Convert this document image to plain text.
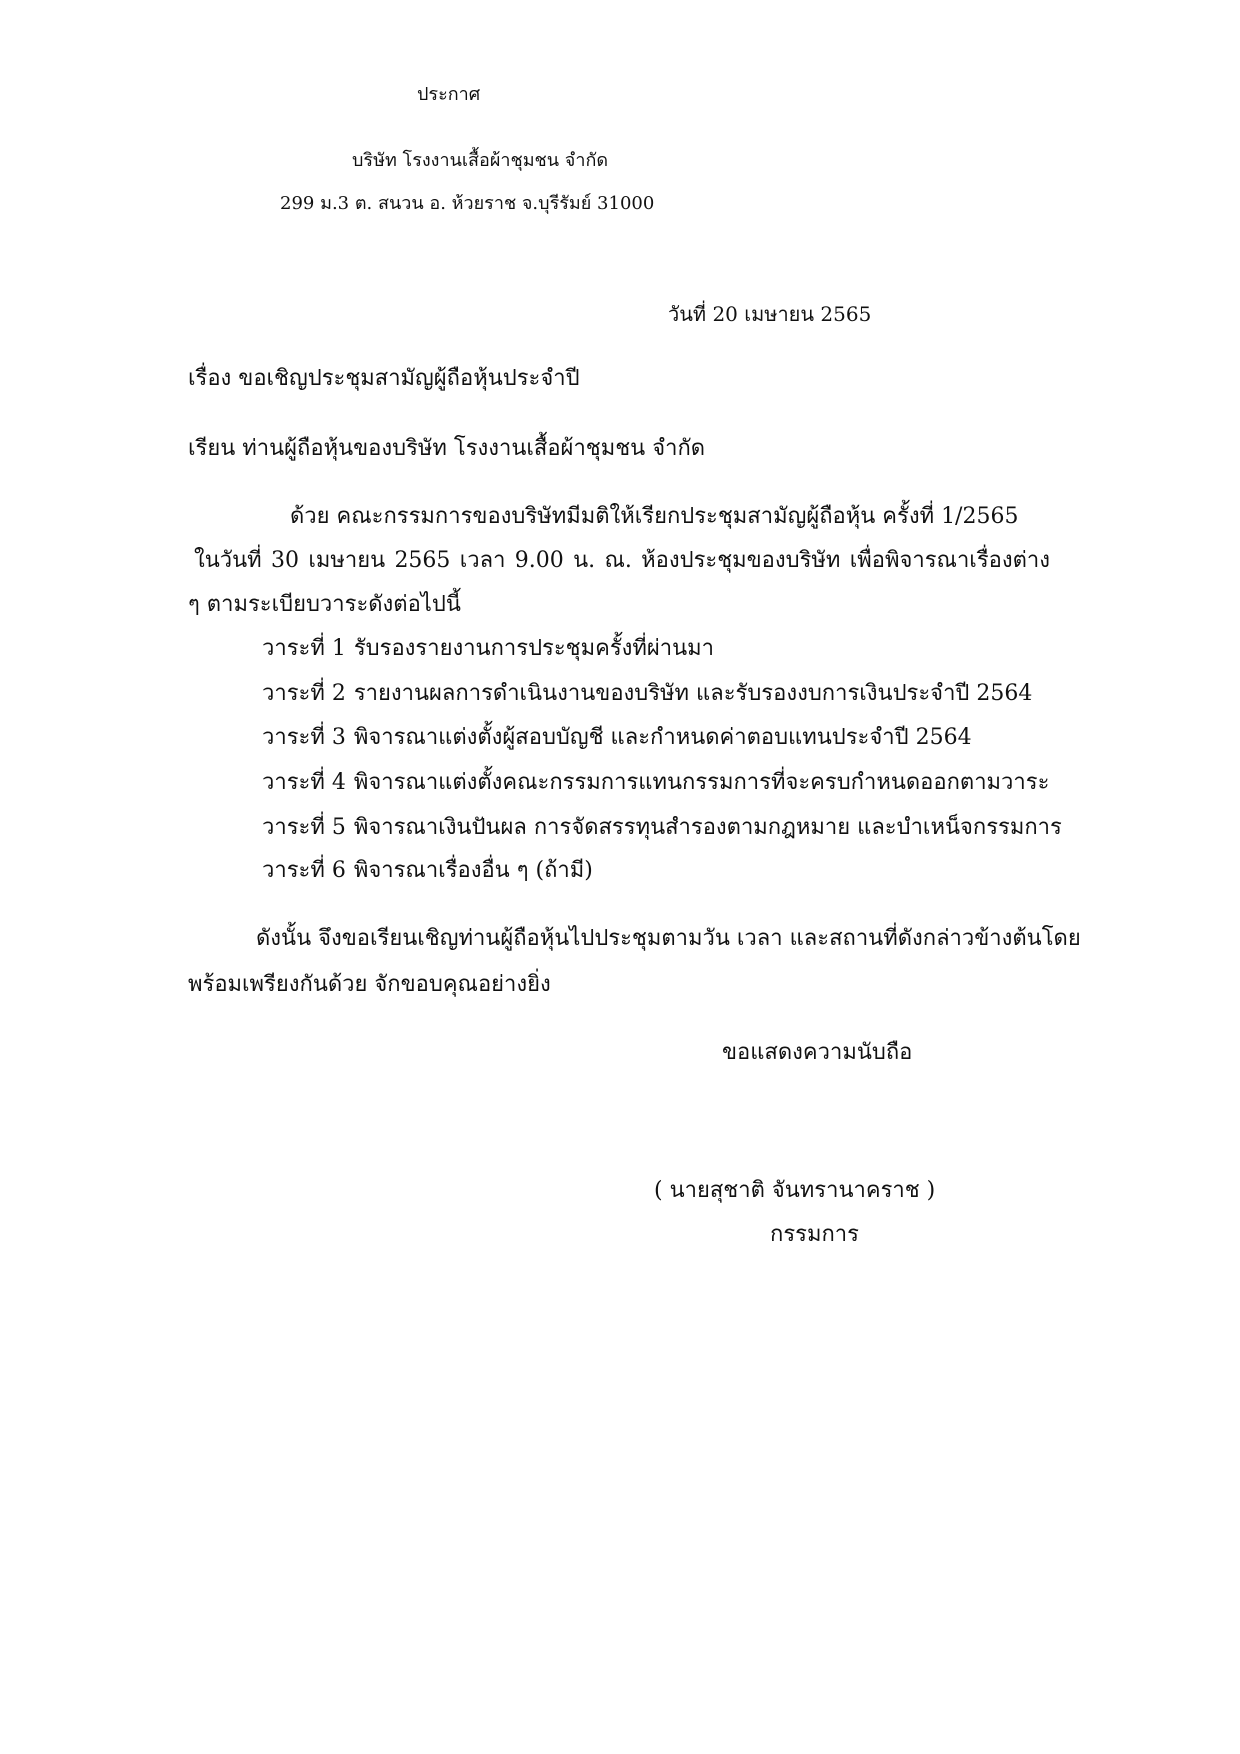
ประกาศ
บริษัท โรงงานเสื้อผ้าชุมชน จำกัด
299 ม.3 ต. สนวน อ. ห้วยราช จ.บุรีรัมย์ 31000
วันที่ 20 เมษายน 2565
เรื่อง ขอเชิญประชุมสามัญผู้ถือหุ้นประจำปี
เรียน ท่านผู้ถือหุ้นของบริษัท โรงงานเสื้อผ้าชุมชน จำกัด
ด้วย คณะกรรมการของบริษัทมีมติให้เรียกประชุมสามัญผู้ถือหุ้น ครั้งที่ 1/2565
ในวันที่ 30 เมษายน 2565 เวลา 9.00 น. ณ. ห้องประชุมของบริษัท เพื่อพิจารณาเรื่องต่าง
ๆ ตามระเบียบวาระดังต่อไปนี้
วาระที่ 1 รับรองรายงานการประชุมครั้งที่ผ่านมา
วาระที่ 2 รายงานผลการดำเนินงานของบริษัท และรับรองงบการเงินประจำปี 2564
วาระที่ 3 พิจารณาแต่งตั้งผู้สอบบัญชี และกำหนดค่าตอบแทนประจำปี 2564
วาระที่ 4 พิจารณาแต่งตั้งคณะกรรมการแทนกรรมการที่จะครบกำหนดออกตามวาระ
วาระที่ 5 พิจารณาเงินปันผล การจัดสรรทุนสำรองตามกฎหมาย และบำเหน็จกรรมการ
วาระที่ 6 พิจารณาเรื่องอื่น ๆ (ถ้ามี)
ดังนั้น จึงขอเรียนเชิญท่านผู้ถือหุ้นไปประชุมตามวัน เวลา และสถานที่ดังกล่าวข้างต้นโดย
พร้อมเพรียงกันด้วย จักขอบคุณอย่างยิ่ง
ขอแสดงความนับถือ
( นายสุชาติ จันทรานาคราช )
กรรมการ
